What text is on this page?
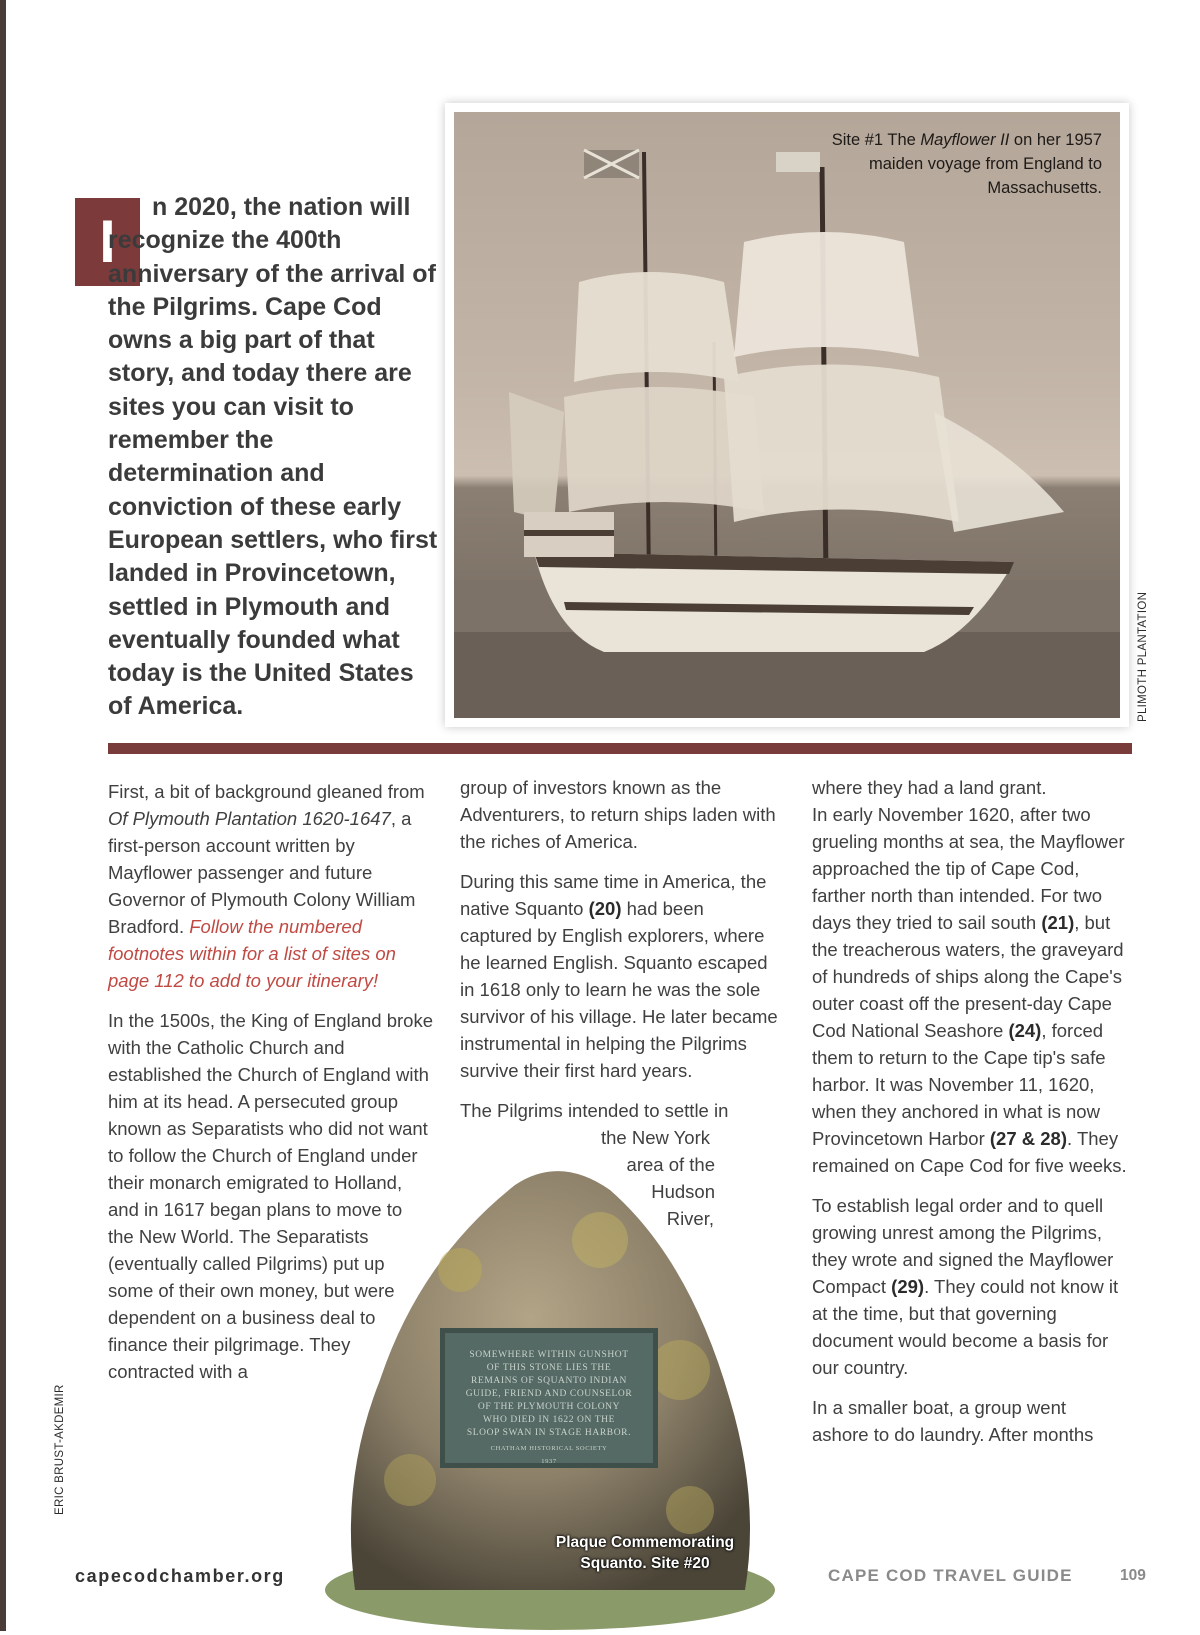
Site #1 The Mayflower II on her 1957 maiden voyage from England to Massachusetts.
PLIMOTH PLANTATION
I
n 2020, the nation will recognize the 400th anniversary of the arrival of the Pilgrims. Cape Cod owns a big part of that story, and today there are sites you can visit to remember the determination and conviction of these early European settlers, who first landed in Provincetown, settled in Plymouth and eventually founded what today is the United States of America.

First, a bit of background gleaned from Of Plymouth Plantation 1620-1647, a first-person account written by Mayflower passenger and future Governor of Plymouth Colony William Bradford. Follow the numbered footnotes within for a list of sites on page 112 to add to your itinerary!

In the 1500s, the King of England broke with the Catholic Church and established the Church of England with him at its head. A persecuted group known as Separatists who did not want to follow the Church of England under their monarch emigrated to Holland, and in 1617 began plans to move to the New World. The Separatists (eventually called Pilgrims) put up some of their own money, but were dependent on a business deal to finance their pilgrimage. They contracted with a

SOMEWHERE WITHIN GUNSHOT
OF THIS STONE LIES THE
REMAINS OF SQUANTO INDIAN
GUIDE, FRIEND AND COUNSELOR
OF THE PLYMOUTH COLONY
WHO DIED IN 1622 ON THE
SLOOP SWAN IN STAGE HARBOR.
CHATHAM HISTORICAL SOCIETY
1937
Plaque Commemorating
Squanto. Site #20

group of investors known as the Adventurers, to return ships laden with the riches of America.

During this same time in America, the native Squanto (20) had been captured by English explorers, where he learned English. Squanto escaped in 1618 only to learn he was the sole survivor of his village. He later became instrumental in helping the Pilgrims survive their first hard years.

The Pilgrims intended to settle in
the New York
area of the
Hudson
River,

where they had a land grant.
In early November 1620, after two grueling months at sea, the Mayflower approached the tip of Cape Cod, farther north than intended. For two days they tried to sail south (21), but the treacherous waters, the graveyard of hundreds of ships along the Cape's outer coast off the present-day Cape Cod National Seashore (24), forced them to return to the Cape tip's safe harbor. It was November 11, 1620, when they anchored in what is now Provincetown Harbor (27 & 28). They remained on Cape Cod for five weeks.

To establish legal order and to quell growing unrest among the Pilgrims, they wrote and signed the Mayflower Compact (29). They could not know it at the time, but that governing document would become a basis for our country.

In a smaller boat, a group went ashore to do laundry. After months

ERIC BRUST-AKDEMIR
capecodchamber.org	CAPE COD TRAVEL GUIDE	109
